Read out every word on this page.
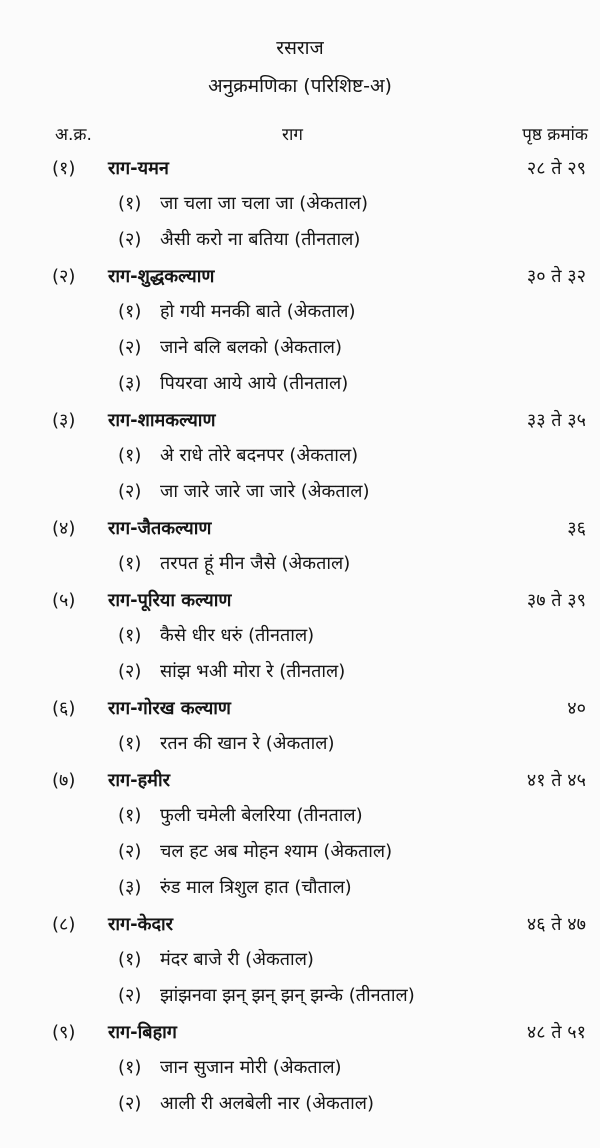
रसराज
अनुक्रमणिका (परिशिष्ट-अ)
अ.क्र.	राग	पृष्ठ क्रमांक
(१) राग-यमन	२८ ते २९
(१) जा चला जा चला जा (अेकताल)
(२) अैसी करो ना बतिया (तीनताल)
(२) राग-शुद्धकल्याण	३० ते ३२
(१) हो गयी मनकी बाते (अेकताल)
(२) जाने बलि बलको (अेकताल)
(३) पियरवा आये आये (तीनताल)
(३) राग-शामकल्याण	३३ ते ३५
(१) अे राधे तोरे बदनपर (अेकताल)
(२) जा जारे जारे जा जारे (अेकताल)
(४) राग-जैतकल्याण	३६
(१) तरपत हूं मीन जैसे (अेकताल)
(५) राग-पूरिया कल्याण	३७ ते ३९
(१) कैसे धीर धरुं (तीनताल)
(२) सांझ भअी मोरा रे (तीनताल)
(६) राग-गोरख कल्याण	४०
(१) रतन की खान रे (अेकताल)
(७) राग-हमीर	४१ ते ४५
(१) फुली चमेली बेलरिया (तीनताल)
(२) चल हट अब मोहन श्याम (अेकताल)
(३) रुंड माल त्रिशुल हात (चौताल)
(८) राग-केदार	४६ ते ४७
(१) मंदर बाजे री (अेकताल)
(२) झांझनवा झन् झन् झन् झन्के (तीनताल)
(९) राग-बिहाग	४८ ते ५१
(१) जान सुजान मोरी (अेकताल)
(२) आली री अलबेली नार (अेकताल)
